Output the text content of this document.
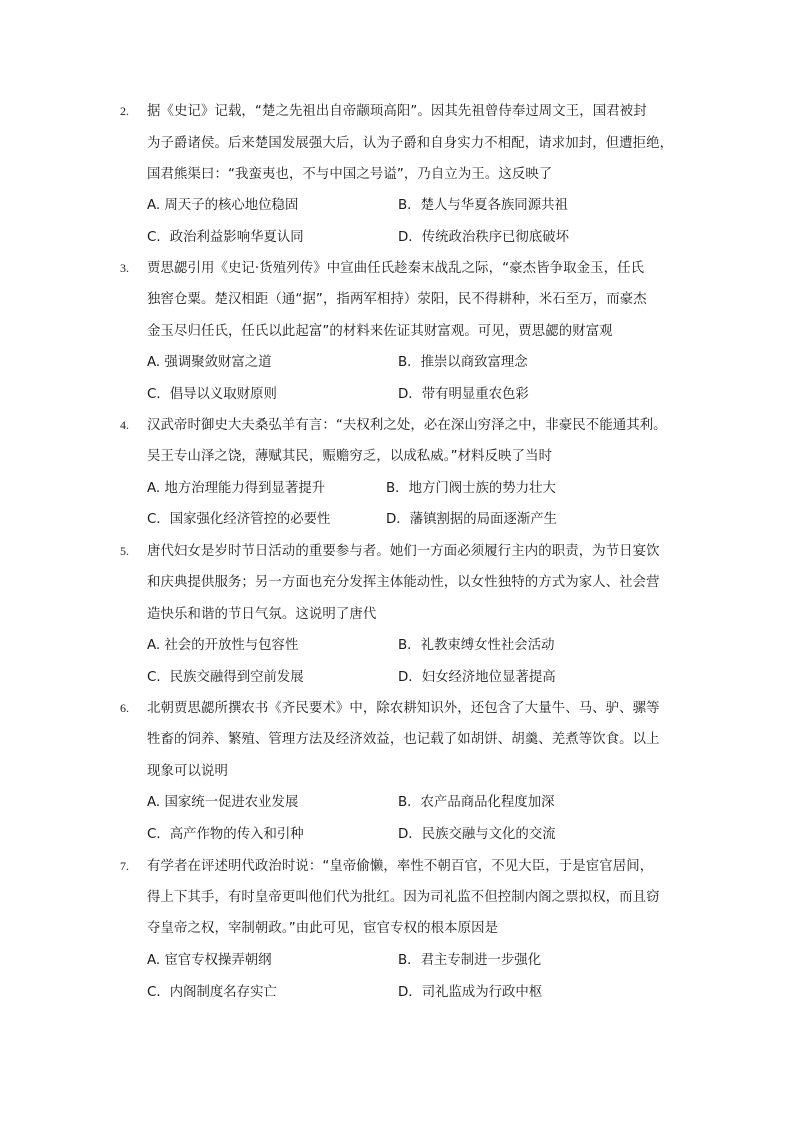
2. 据《史记》记载，“楚之先祖出自帝颛顼高阳”。因其先祖曾侍奉过周文王，国君被封
为子爵诸侯。后来楚国发展强大后，认为子爵和自身实力不相配，请求加封，但遭拒绝，
国君熊渠曰：“我蛮夷也，不与中国之号谥”，乃自立为王。这反映了
A. 周天子的核心地位稳固	B．楚人与华夏各族同源共祖
C．政治利益影响华夏认同	D．传统政治秩序已彻底破坏
3. 贾思勰引用《史记·货殖列传》中宣曲任氏趁秦末战乱之际，“豪杰皆争取金玉，任氏
独窖仓粟。楚汉相距（通“据”，指两军相持）荥阳，民不得耕种，米石至万，而豪杰
金玉尽归任氏，任氏以此起富”的材料来佐证其财富观。可见，贾思勰的财富观
A. 强调聚敛财富之道	B．推崇以商致富理念
C．倡导以义取财原则	D．带有明显重农色彩
4. 汉武帝时御史大夫桑弘羊有言：“夫权利之处，必在深山穷泽之中，非豪民不能通其利。
吴王专山泽之饶，薄赋其民，赈赡穷乏，以成私威。”材料反映了当时
A. 地方治理能力得到显著提升	B．地方门阀士族的势力壮大
C．国家强化经济管控的必要性	D．藩镇割据的局面逐渐产生
5. 唐代妇女是岁时节日活动的重要参与者。她们一方面必须履行主内的职责，为节日宴饮
和庆典提供服务；另一方面也充分发挥主体能动性，以女性独特的方式为家人、社会营
造快乐和谐的节日气氛。这说明了唐代
A. 社会的开放性与包容性	B．礼教束缚女性社会活动
C．民族交融得到空前发展	D．妇女经济地位显著提高
6. 北朝贾思勰所撰农书《齐民要术》中，除农耕知识外，还包含了大量牛、马、驴、骡等
牲畜的饲养、繁殖、管理方法及经济效益，也记载了如胡饼、胡羹、羌煮等饮食。以上
现象可以说明
A. 国家统一促进农业发展	B．农产品商品化程度加深
C．高产作物的传入和引种	D．民族交融与文化的交流
7. 有学者在评述明代政治时说：“皇帝偷懒，率性不朝百官，不见大臣，于是宦官居间，
得上下其手，有时皇帝更叫他们代为批红。因为司礼监不但控制内阁之票拟权，而且窃
夺皇帝之权，宰制朝政。”由此可见，宦官专权的根本原因是
A. 宦官专权操弄朝纲	B．君主专制进一步强化
C．内阁制度名存实亡	D．司礼监成为行政中枢
